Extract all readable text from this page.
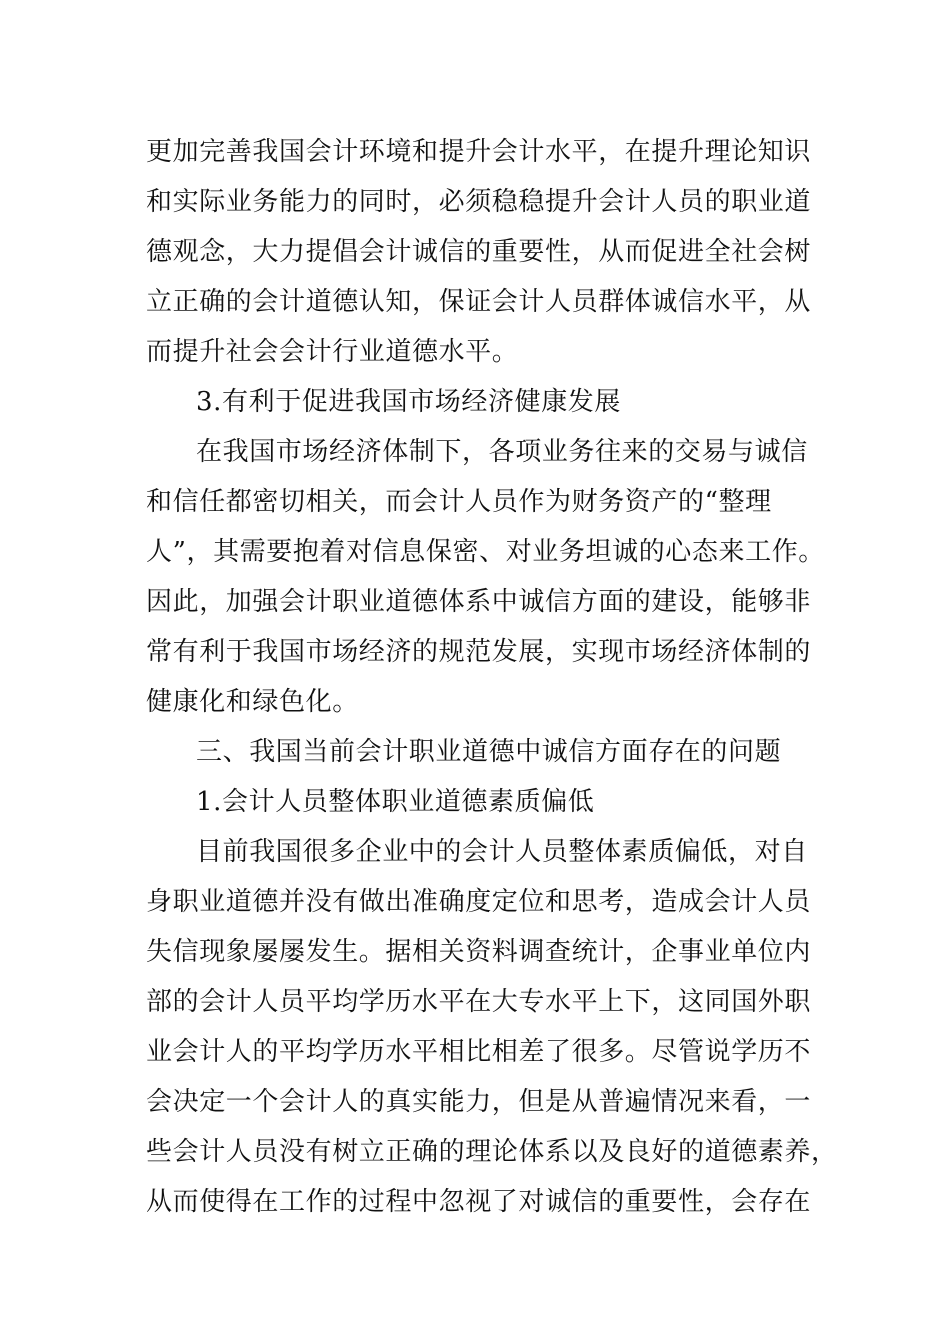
更加完善我国会计环境和提升会计水平，在提升理论知识
和实际业务能力的同时，必须稳稳提升会计人员的职业道
德观念，大力提倡会计诚信的重要性，从而促进全社会树
立正确的会计道德认知，保证会计人员群体诚信水平，从
而提升社会会计行业道德水平。
3.有利于促进我国市场经济健康发展
在我国市场经济体制下，各项业务往来的交易与诚信
和信任都密切相关，而会计人员作为财务资产的“整理
人”，其需要抱着对信息保密、对业务坦诚的心态来工作。
因此，加强会计职业道德体系中诚信方面的建设，能够非
常有利于我国市场经济的规范发展，实现市场经济体制的
健康化和绿色化。
三、我国当前会计职业道德中诚信方面存在的问题
1.会计人员整体职业道德素质偏低
目前我国很多企业中的会计人员整体素质偏低，对自
身职业道德并没有做出准确度定位和思考，造成会计人员
失信现象屡屡发生。据相关资料调查统计，企事业单位内
部的会计人员平均学历水平在大专水平上下，这同国外职
业会计人的平均学历水平相比相差了很多。尽管说学历不
会决定一个会计人的真实能力，但是从普遍情况来看，一
些会计人员没有树立正确的理论体系以及良好的道德素养，
从而使得在工作的过程中忽视了对诚信的重要性，会存在
